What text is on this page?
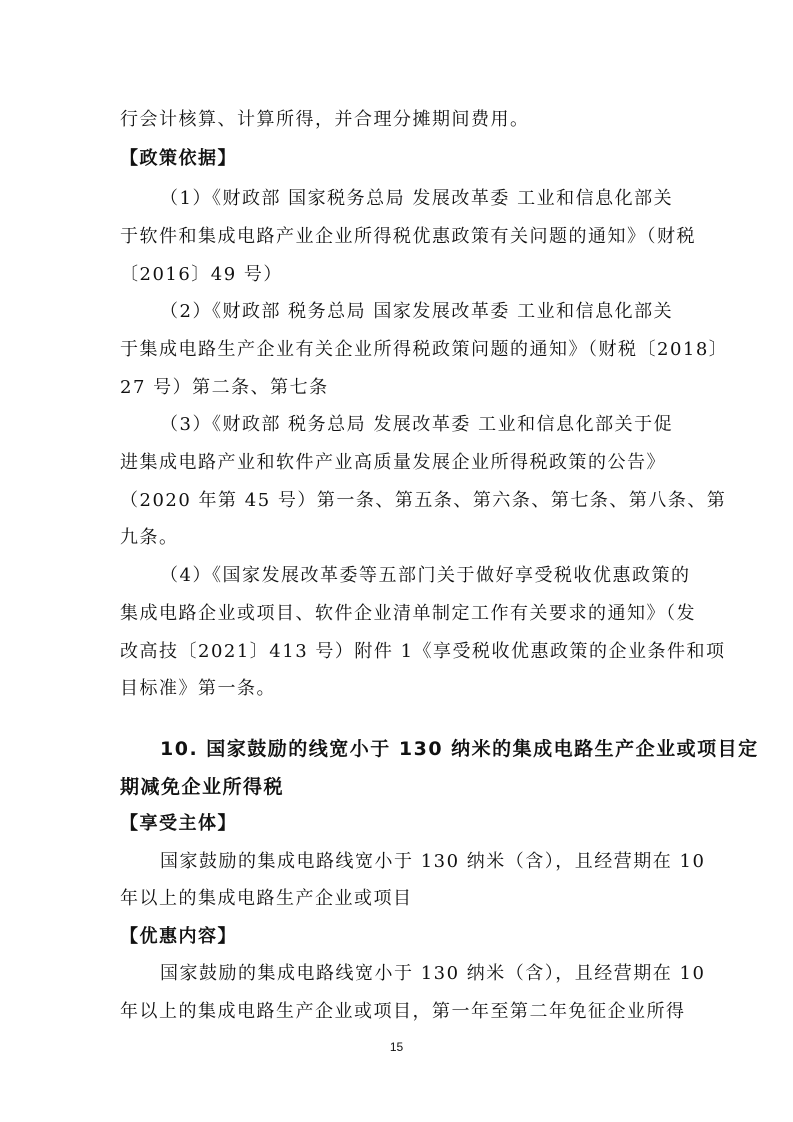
行会计核算、计算所得，并合理分摊期间费用。
【政策依据】
（1）《财政部 国家税务总局 发展改革委 工业和信息化部关
于软件和集成电路产业企业所得税优惠政策有关问题的通知》（财税
〔2016〕49 号）
（2）《财政部 税务总局 国家发展改革委 工业和信息化部关
于集成电路生产企业有关企业所得税政策问题的通知》（财税〔2018〕
27 号）第二条、第七条
（3）《财政部 税务总局 发展改革委 工业和信息化部关于促
进集成电路产业和软件产业高质量发展企业所得税政策的公告》
（2020 年第 45 号）第一条、第五条、第六条、第七条、第八条、第
九条。
（4）《国家发展改革委等五部门关于做好享受税收优惠政策的
集成电路企业或项目、软件企业清单制定工作有关要求的通知》（发
改高技〔2021〕413 号）附件 1《享受税收优惠政策的企业条件和项
目标准》第一条。
10. 国家鼓励的线宽小于 130 纳米的集成电路生产企业或项目定
期减免企业所得税
【享受主体】
国家鼓励的集成电路线宽小于 130 纳米（含），且经营期在 10
年以上的集成电路生产企业或项目
【优惠内容】
国家鼓励的集成电路线宽小于 130 纳米（含），且经营期在 10
年以上的集成电路生产企业或项目，第一年至第二年免征企业所得
15
